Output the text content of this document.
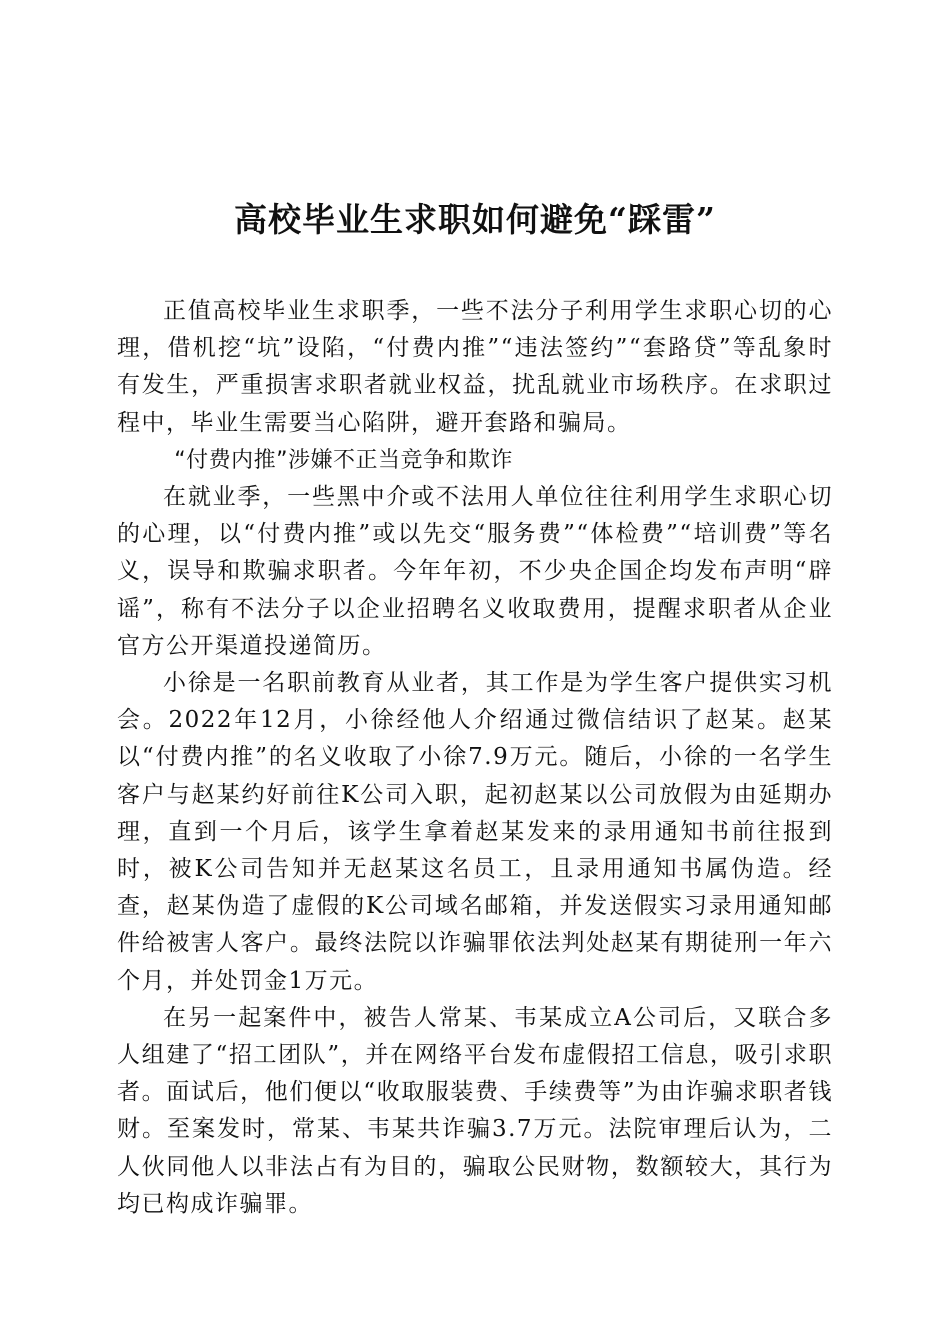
高校毕业生求职如何避免“踩雷”

正值高校毕业生求职季，一些不法分子利用学生求职心切的心理，借机挖“坑”设陷，“付费内推”“违法签约”“套路贷”等乱象时有发生，严重损害求职者就业权益，扰乱就业市场秩序。在求职过程中，毕业生需要当心陷阱，避开套路和骗局。

“付费内推”涉嫌不正当竞争和欺诈

在就业季，一些黑中介或不法用人单位往往利用学生求职心切的心理，以“付费内推”或以先交“服务费”“体检费”“培训费”等名义，误导和欺骗求职者。今年年初，不少央企国企均发布声明“辟谣”，称有不法分子以企业招聘名义收取费用，提醒求职者从企业官方公开渠道投递简历。

小徐是一名职前教育从业者，其工作是为学生客户提供实习机会。2022年12月，小徐经他人介绍通过微信结识了赵某。赵某以“付费内推”的名义收取了小徐7.9万元。随后，小徐的一名学生客户与赵某约好前往K公司入职，起初赵某以公司放假为由延期办理，直到一个月后，该学生拿着赵某发来的录用通知书前往报到时，被K公司告知并无赵某这名员工，且录用通知书属伪造。经查，赵某伪造了虚假的K公司域名邮箱，并发送假实习录用通知邮件给被害人客户。最终法院以诈骗罪依法判处赵某有期徒刑一年六个月，并处罚金1万元。

在另一起案件中，被告人常某、韦某成立A公司后，又联合多人组建了“招工团队”，并在网络平台发布虚假招工信息，吸引求职者。面试后，他们便以“收取服装费、手续费等”为由诈骗求职者钱财。至案发时，常某、韦某共诈骗3.7万元。法院审理后认为，二人伙同他人以非法占有为目的，骗取公民财物，数额较大，其行为均已构成诈骗罪。
